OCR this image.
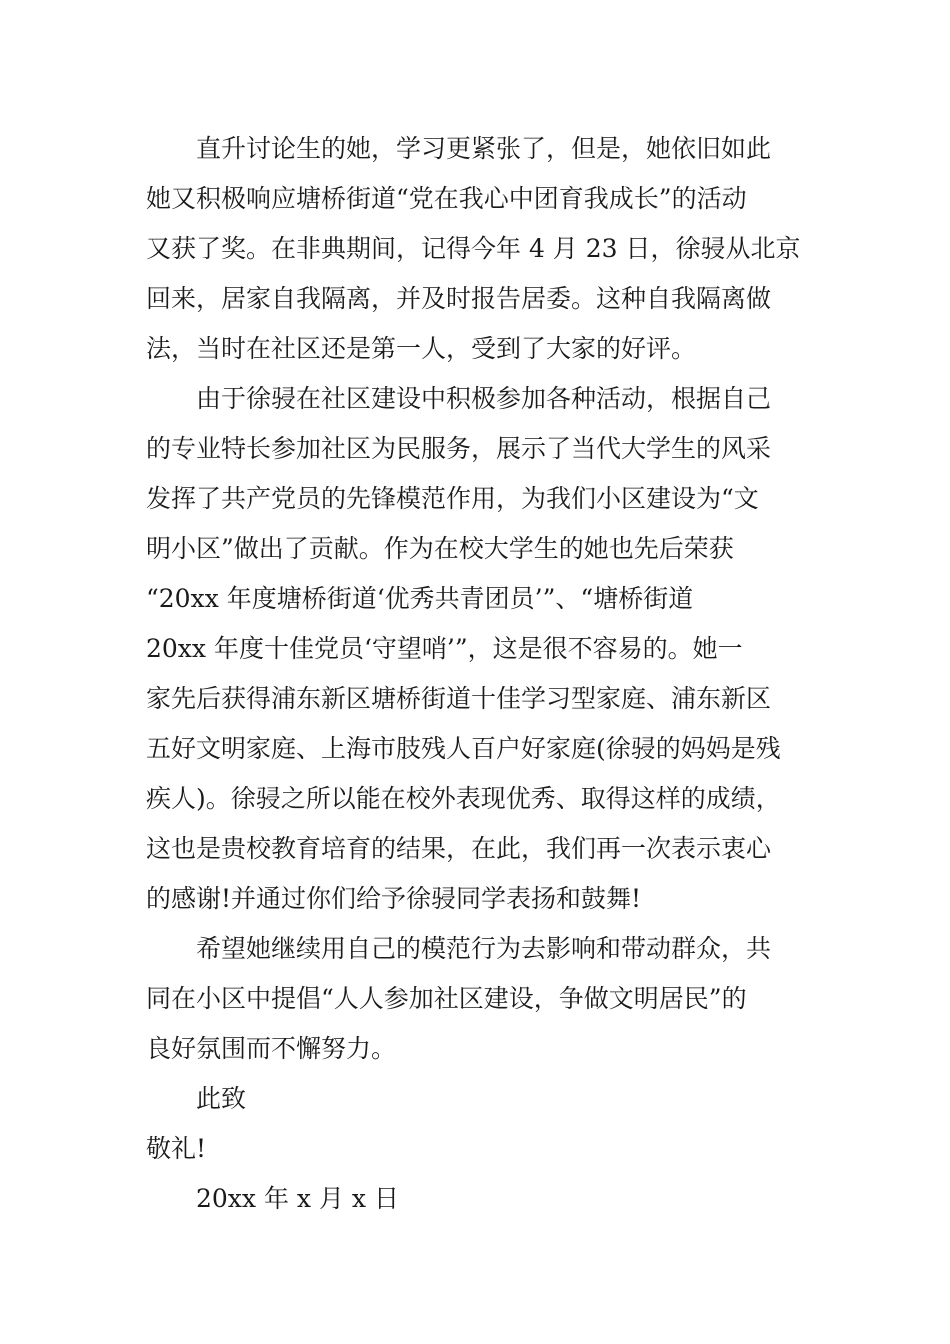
直升讨论生的她，学习更紧张了，但是，她依旧如此
她又积极响应塘桥街道“党在我心中团育我成长”的活动
又获了奖。在非典期间，记得今年 4 月 23 日，徐骎从北京
回来，居家自我隔离，并及时报告居委。这种自我隔离做
法，当时在社区还是第一人，受到了大家的好评。
由于徐骎在社区建设中积极参加各种活动，根据自己
的专业特长参加社区为民服务，展示了当代大学生的风采
发挥了共产党员的先锋模范作用，为我们小区建设为“文
明小区”做出了贡献。作为在校大学生的她也先后荣获
“20xx 年度塘桥街道‘优秀共青团员’”、“塘桥街道
20xx 年度十佳党员‘守望哨’”，这是很不容易的。她一
家先后获得浦东新区塘桥街道十佳学习型家庭、浦东新区
五好文明家庭、上海市肢残人百户好家庭(徐骎的妈妈是残
疾人)。徐骎之所以能在校外表现优秀、取得这样的成绩，
这也是贵校教育培育的结果，在此，我们再一次表示衷心
的感谢!并通过你们给予徐骎同学表扬和鼓舞!
希望她继续用自己的模范行为去影响和带动群众，共
同在小区中提倡“人人参加社区建设，争做文明居民”的
良好氛围而不懈努力。
此致
敬礼!
20xx 年 x 月 x 日
